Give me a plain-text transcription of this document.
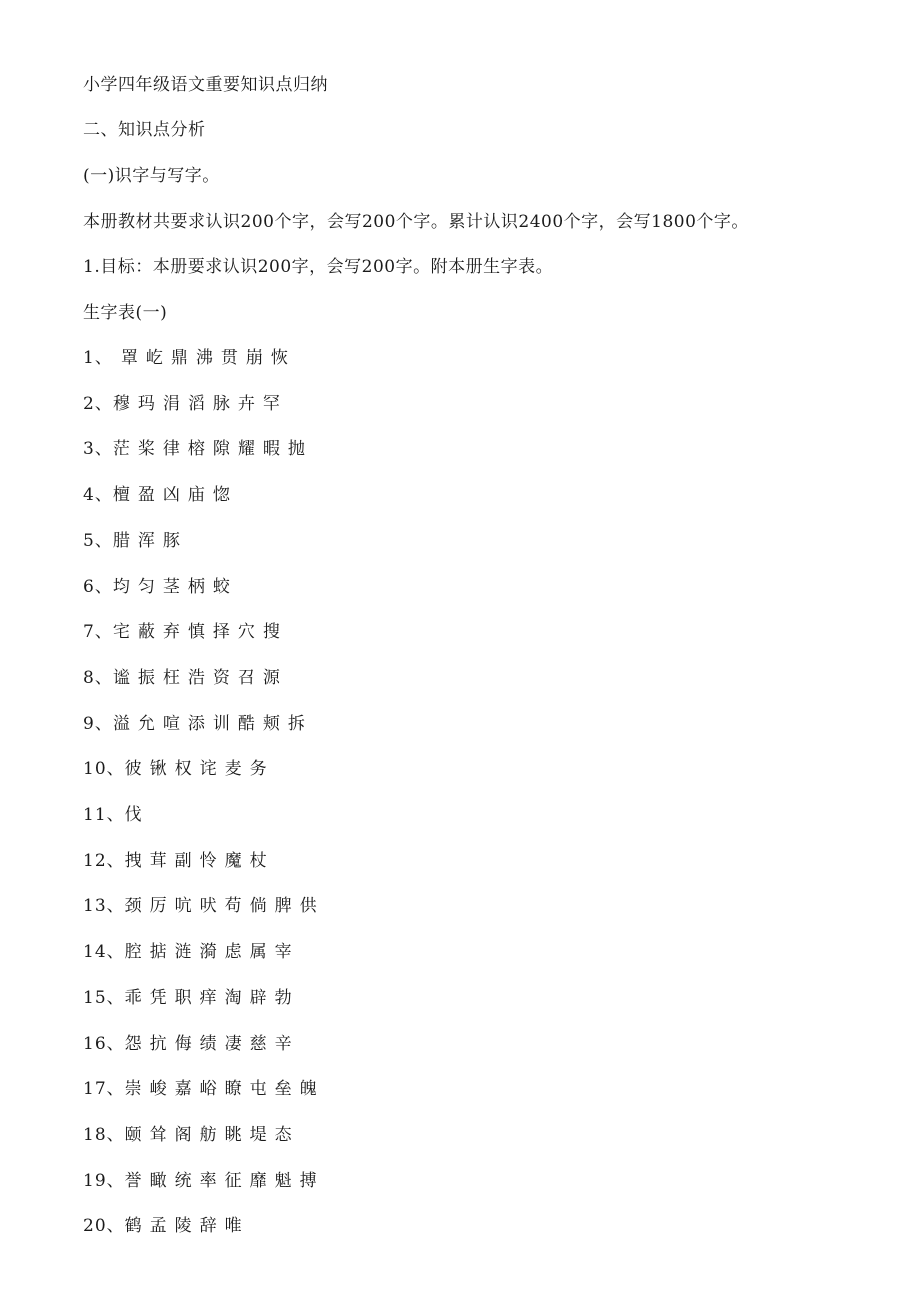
小学四年级语文重要知识点归纳
二、知识点分析
(一)识字与写字。
本册教材共要求认识200个字，会写200个字。累计认识2400个字，会写1800个字。
1.目标：本册要求认识200字，会写200字。附本册生字表。
生字表(一)
1、 罩 屹 鼎 沸 贯 崩 恢
2、穆 玛 涓 滔 脉 卉 罕
3、茫 桨 律 榕 隙 耀 暇 抛
4、檀 盈 凶 庙 惚
5、腊 浑 豚
6、均 匀 茎 柄 蛟
7、宅 蔽 弃 慎 择 穴 搜
8、谧 振 枉 浩 资 召 源
9、溢 允 喧 添 训 酷 颊 拆
10、彼 锹 权 诧 麦 务
11、伐
12、拽 茸 副 怜 魔 杖
13、颈 厉 吭 吠 苟 倘 脾 供
14、腔 掂 涟 漪 虑 属 宰
15、乖 凭 职 痒 淘 辟 勃
16、怨 抗 侮 绩 凄 慈 辛
17、崇 峻 嘉 峪 瞭 屯 垒 魄
18、颐 耸 阁 舫 眺 堤 态
19、誉 瞰 统 率 征 靡 魁 搏
20、鹤 孟 陵 辞 唯
